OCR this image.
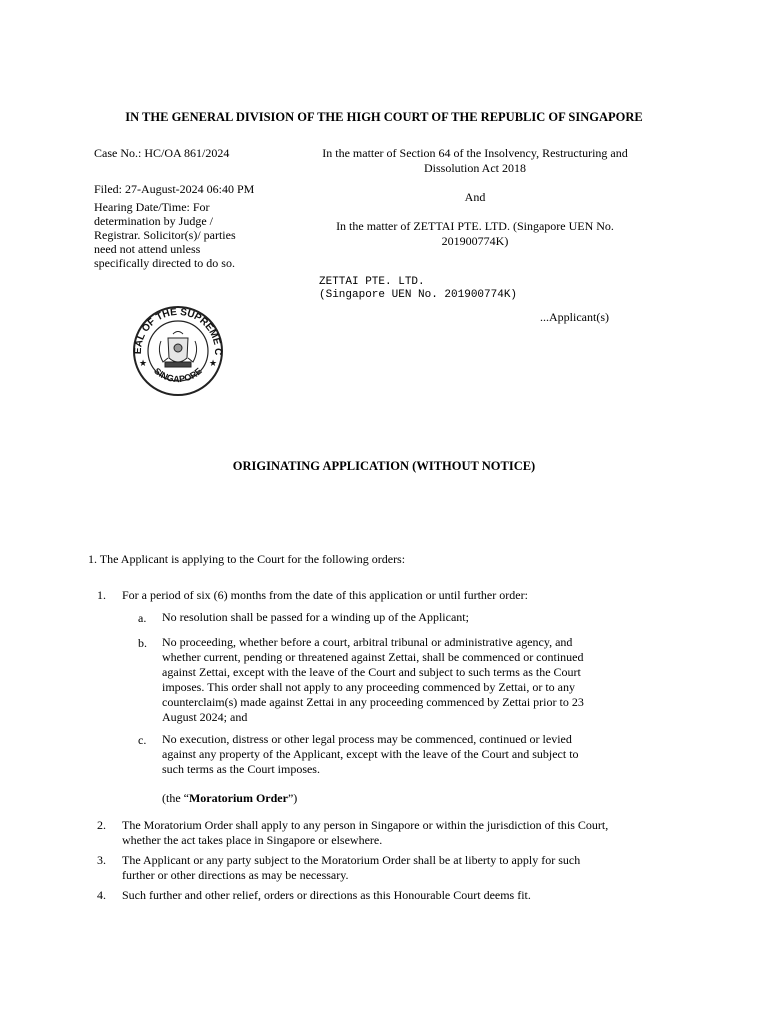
IN THE GENERAL DIVISION OF THE HIGH COURT OF THE REPUBLIC OF SINGAPORE
Case No.: HC/OA 861/2024
Filed: 27-August-2024 06:40 PM
Hearing Date/Time: For
determination by Judge /
Registrar. Solicitor(s)/ parties
need not attend unless
specifically directed to do so.
In the matter of Section 64 of the Insolvency, Restructuring and
Dissolution Act 2018
And
In the matter of ZETTAI PTE. LTD. (Singapore UEN No.
201900774K)
ZETTAI PTE. LTD.
(Singapore UEN No. 201900774K)
...Applicant(s)
EAL OF THE SUPREME C
SINGAPORE
★	★
ORIGINATING APPLICATION (WITHOUT NOTICE)
1. The Applicant is applying to the Court for the following orders:
1.	For a period of six (6) months from the date of this application or until further order:
a.	No resolution shall be passed for a winding up of the Applicant;
b.	No proceeding, whether before a court, arbitral tribunal or administrative agency, and
whether current, pending or threatened against Zettai, shall be commenced or continued
against Zettai, except with the leave of the Court and subject to such terms as the Court
imposes. This order shall not apply to any proceeding commenced by Zettai, or to any
counterclaim(s) made against Zettai in any proceeding commenced by Zettai prior to 23
August 2024; and
c.	No execution, distress or other legal process may be commenced, continued or levied
against any property of the Applicant, except with the leave of the Court and subject to
such terms as the Court imposes.
(the “Moratorium Order”)
2.	The Moratorium Order shall apply to any person in Singapore or within the jurisdiction of this Court,
whether the act takes place in Singapore or elsewhere.
3.	The Applicant or any party subject to the Moratorium Order shall be at liberty to apply for such
further or other directions as may be necessary.
4.	Such further and other relief, orders or directions as this Honourable Court deems fit.
